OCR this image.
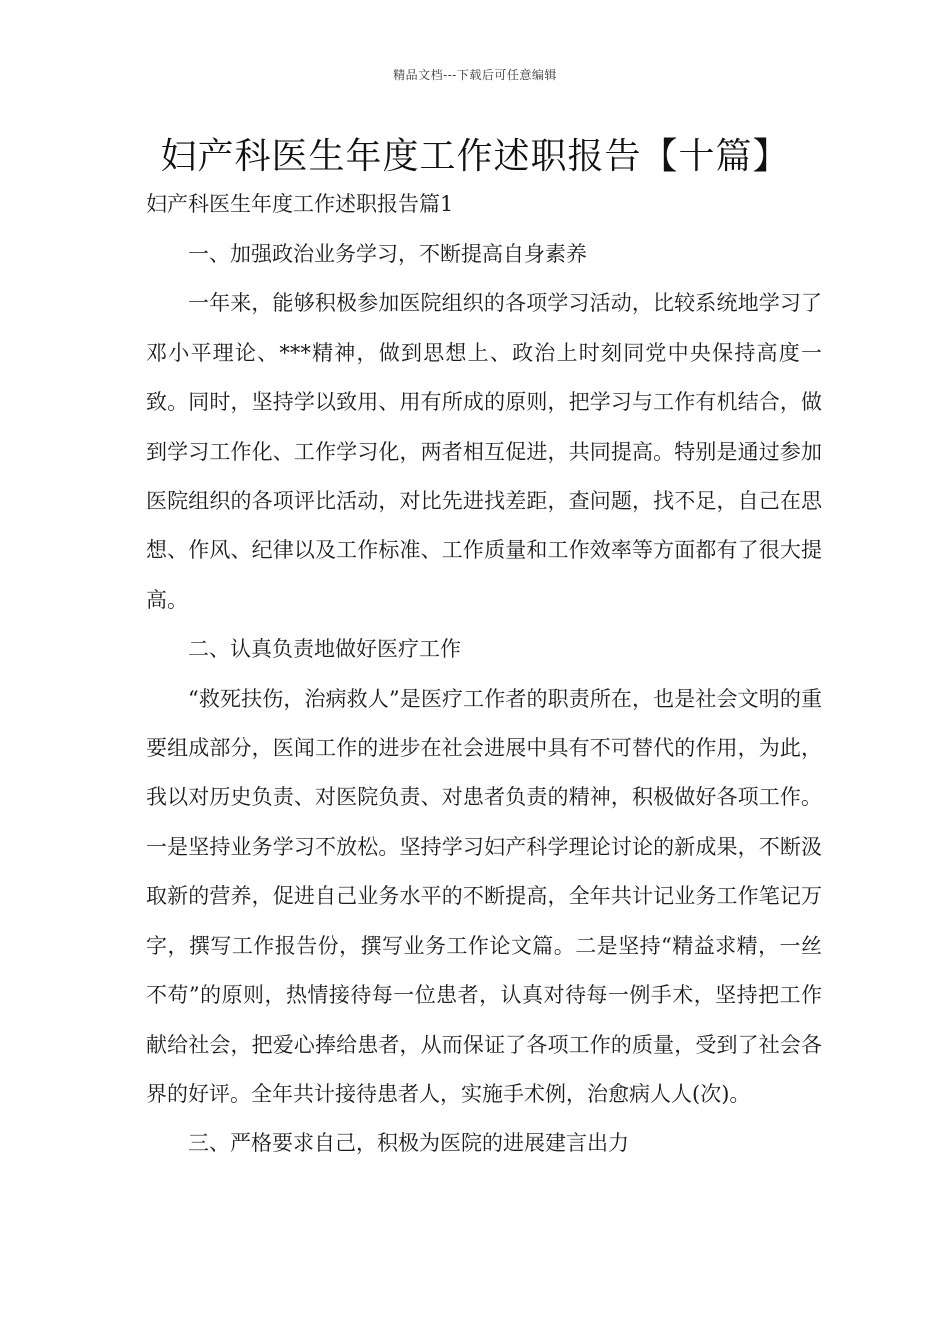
精品文档---下载后可任意编辑
妇产科医生年度工作述职报告【十篇】
妇产科医生年度工作述职报告篇1

一、加强政治业务学习，不断提高自身素养

一年来，能够积极参加医院组织的各项学习活动，比较系统地学习了邓小平理论、***精神，做到思想上、政治上时刻同党中央保持高度一致。同时，坚持学以致用、用有所成的原则，把学习与工作有机结合，做到学习工作化、工作学习化，两者相互促进，共同提高。特别是通过参加医院组织的各项评比活动，对比先进找差距，查问题，找不足，自己在思想、作风、纪律以及工作标准、工作质量和工作效率等方面都有了很大提高。

二、认真负责地做好医疗工作

“救死扶伤，治病救人”是医疗工作者的职责所在，也是社会文明的重要组成部分，医闻工作的进步在社会进展中具有不可替代的作用，为此，我以对历史负责、对医院负责、对患者负责的精神，积极做好各项工作。一是坚持业务学习不放松。坚持学习妇产科学理论讨论的新成果，不断汲取新的营养，促进自己业务水平的不断提高，全年共计记业务工作笔记万字，撰写工作报告份，撰写业务工作论文篇。二是坚持“精益求精，一丝不苟”的原则，热情接待每一位患者，认真对待每一例手术，坚持把工作献给社会，把爱心捧给患者，从而保证了各项工作的质量，受到了社会各界的好评。全年共计接待患者人，实施手术例，治愈病人人(次)。

三、严格要求自己，积极为医院的进展建言出力
